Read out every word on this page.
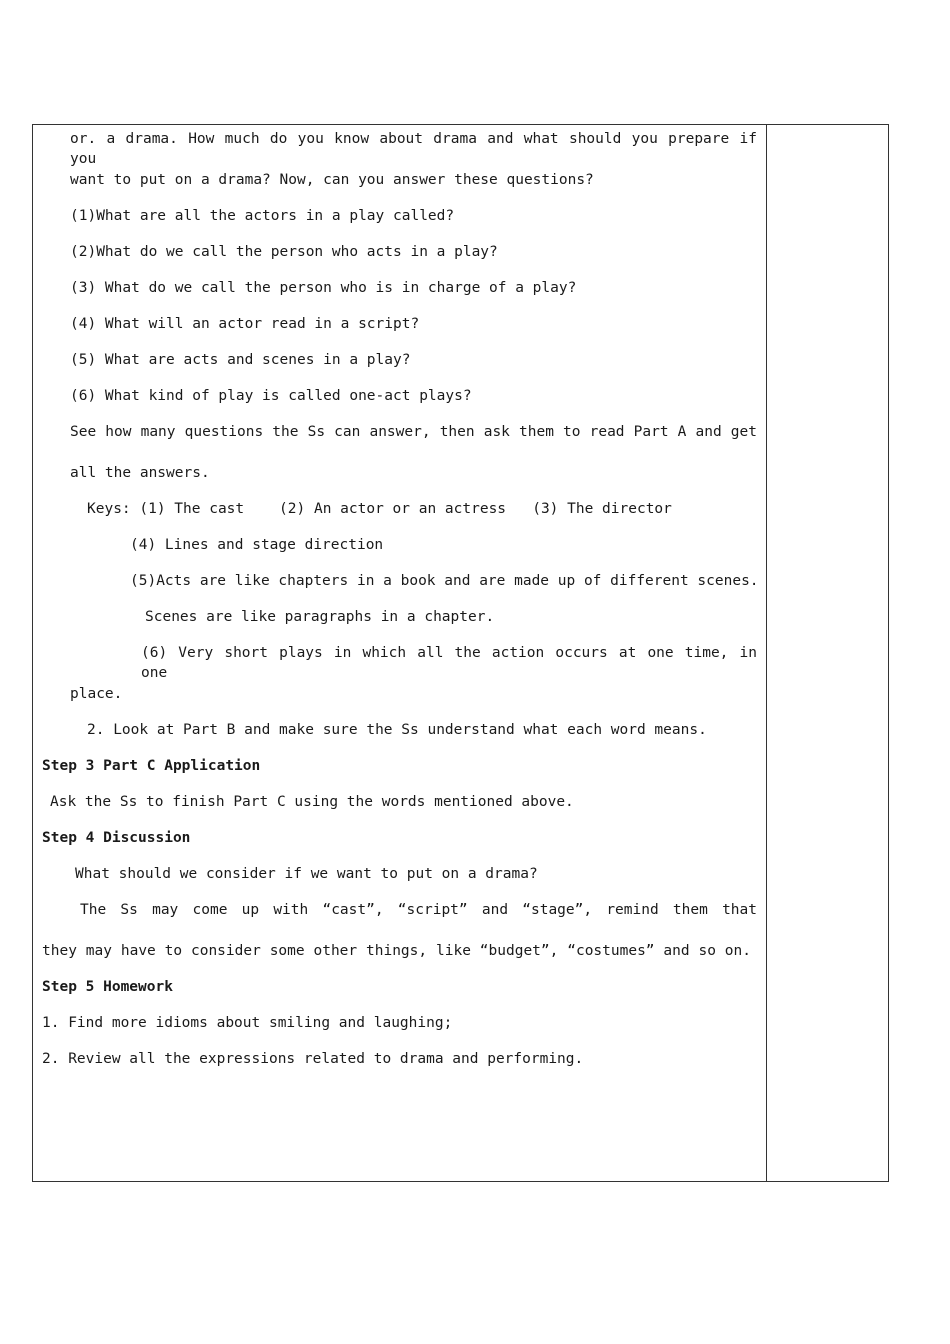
or. a drama. How much do you know about drama and what should you prepare if you
want to put on a drama? Now, can you answer these questions?
(1)What are all the actors in a play called?
(2)What do we call the person who acts in a play?
(3) What do we call the person who is in charge of a play?
(4) What will an actor read in a script?
(5) What are acts and scenes in a play?
(6) What kind of play is called one-act plays?
See how many questions the Ss can answer, then ask them to read Part A and get
all the answers.
Keys: (1) The cast    (2) An actor or an actress   (3) The director
(4) Lines and stage direction
(5)Acts are like chapters in a book and are made up of different scenes.
Scenes are like paragraphs in a chapter.
(6) Very short plays in which all the action occurs at one time, in one
place.
2. Look at Part B and make sure the Ss understand what each word means.
Step 3 Part C Application
Ask the Ss to finish Part C using the words mentioned above.
Step 4 Discussion
What should we consider if we want to put on a drama?
The Ss may come up with “cast”, “script” and “stage”, remind them that
they may have to consider some other things, like “budget”, “costumes” and so on.
Step 5 Homework
1. Find more idioms about smiling and laughing;
2. Review all the expressions related to drama and performing.
